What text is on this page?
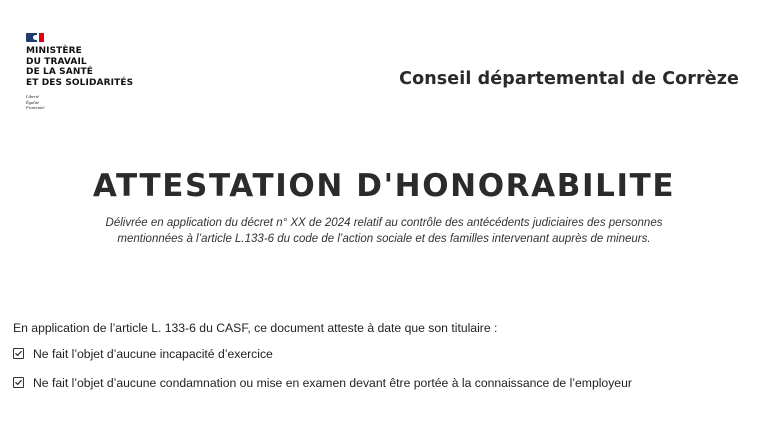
MINISTÈRE
DU TRAVAIL
DE LA SANTÉ
ET DES SOLIDARITÉS
Liberté
Égalité
Fraternité
Conseil départemental de Corrèze
ATTESTATION D'HONORABILITE
Délivrée en application du décret n° XX de 2024 relatif au contrôle des antécédents judiciaires des personnes
mentionnées à l’article L.133-6 du code de l’action sociale et des familles intervenant auprès de mineurs.
En application de l’article L. 133-6 du CASF, ce document atteste à date que son titulaire :
Ne fait l’objet d’aucune incapacité d’exercice
Ne fait l’objet d’aucune condamnation ou mise en examen devant être portée à la connaissance de l’employeur
